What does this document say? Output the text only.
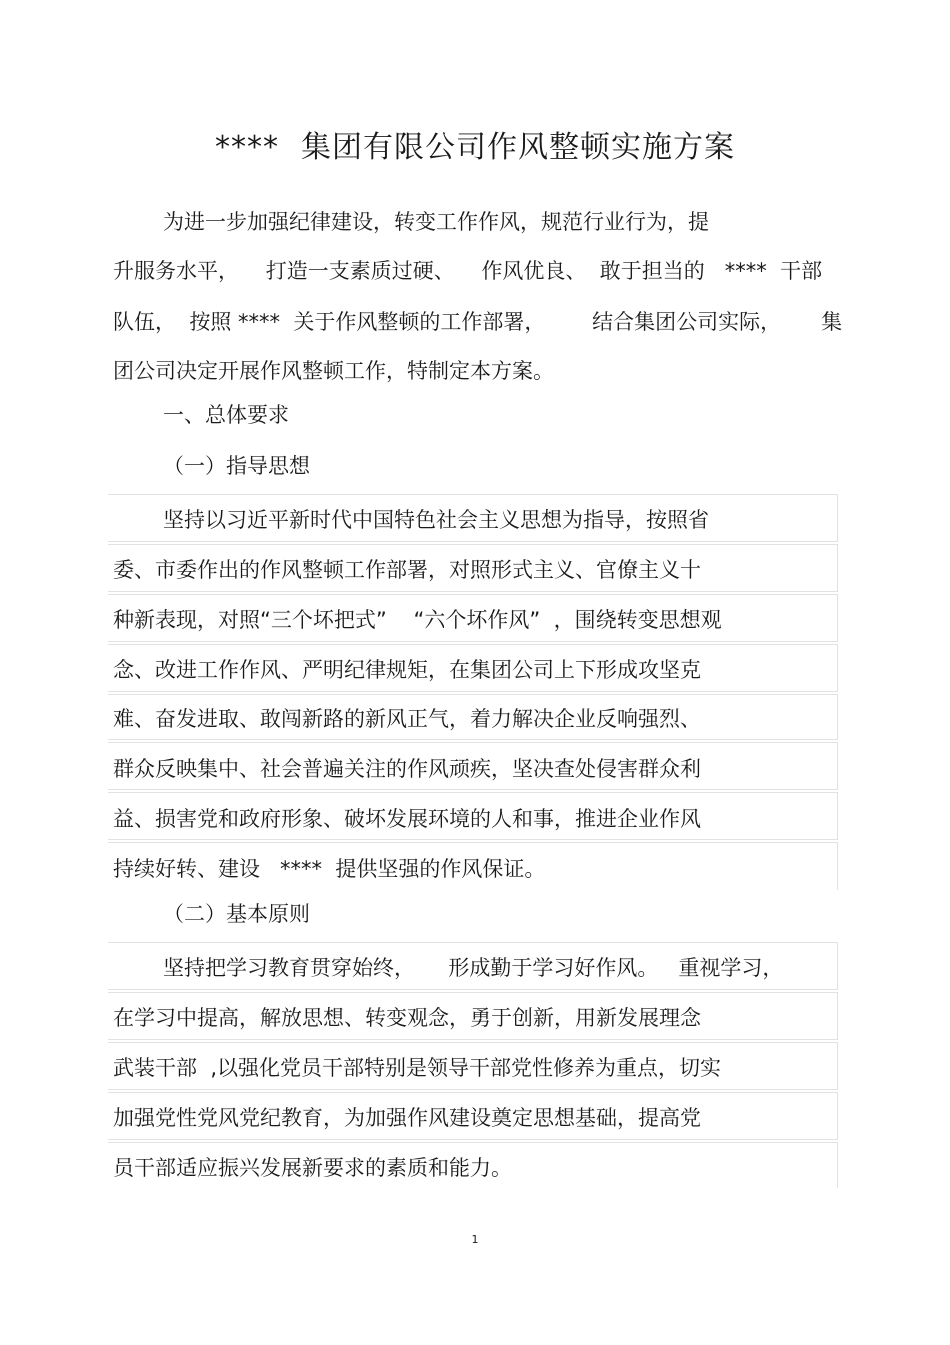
**** 集团有限公司作风整顿实施方案
为进一步加强纪律建设，转变工作作风，规范行业行为，提
升服务水平，    打造一支素质过硬、    作风优良、  敢于担当的   ****  干部
队伍，  按照 ****  关于作风整顿的工作部署，       结合集团公司实际，      集
团公司决定开展作风整顿工作，特制定本方案。
一、总体要求
（一）指导思想
坚持以习近平新时代中国特色社会主义思想为指导，按照省
委、市委作出的作风整顿工作部署，对照形式主义、官僚主义十
种新表现，对照“三个坏把式”    “六个坏作风”  ，围绕转变思想观
念、改进工作作风、严明纪律规矩，在集团公司上下形成攻坚克
难、奋发进取、敢闯新路的新风正气，着力解决企业反响强烈、
群众反映集中、社会普遍关注的作风顽疾，坚决查处侵害群众利
益、损害党和政府形象、破坏发展环境的人和事，推进企业作风
持续好转、建设   ****  提供坚强的作风保证。
（二）基本原则
坚持把学习教育贯穿始终，     形成勤于学习好作风。   重视学习，
在学习中提高，解放思想、转变观念，勇于创新，用新发展理念
武装干部  ,以强化党员干部特别是领导干部党性修养为重点，切实
加强党性党风党纪教育，为加强作风建设奠定思想基础，提高党
员干部适应振兴发展新要求的素质和能力。
1
